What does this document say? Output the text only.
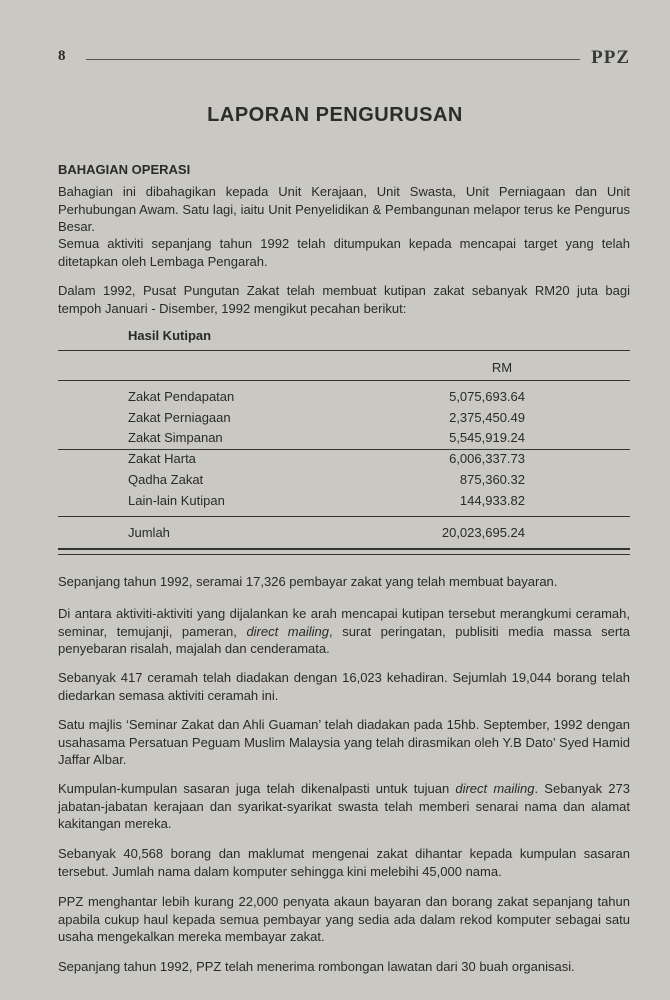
8	PPZ
LAPORAN PENGURUSAN
BAHAGIAN OPERASI

Bahagian ini dibahagikan kepada Unit Kerajaan, Unit Swasta, Unit Perniagaan dan Unit Perhubungan Awam. Satu lagi, iaitu Unit Penyelidikan & Pembangunan melapor terus ke Pengurus Besar.

Semua aktiviti sepanjang tahun 1992 telah ditumpukan kepada mencapai target yang telah ditetapkan oleh Lembaga Pengarah.

Dalam 1992, Pusat Pungutan Zakat telah membuat kutipan zakat sebanyak RM20 juta bagi tempoh Januari - Disember, 1992 mengikut pecahan berikut:

Hasil Kutipan
RM
Zakat Pendapatan	5,075,693.64
Zakat Perniagaan	2,375,450.49
Zakat Simpanan	5,545,919.24
Zakat Harta	6,006,337.73
Qadha Zakat	875,360.32
Lain-lain Kutipan	144,933.82
Jumlah	20,023,695.24

Sepanjang tahun 1992, seramai 17,326 pembayar zakat yang telah membuat bayaran.

Di antara aktiviti-aktiviti yang dijalankan ke arah mencapai kutipan tersebut merangkumi ceramah, seminar, temujanji, pameran, direct mailing, surat peringatan, publisiti media massa serta penyebaran risalah, majalah dan cenderamata.

Sebanyak 417 ceramah telah diadakan dengan 16,023 kehadiran. Sejumlah 19,044 borang telah diedarkan semasa aktiviti ceramah ini.

Satu majlis ‘Seminar Zakat dan Ahli Guaman’ telah diadakan pada 15hb. September, 1992 dengan usahasama Persatuan Peguam Muslim Malaysia yang telah dirasmikan oleh Y.B Dato’ Syed Hamid Jaffar Albar.

Kumpulan-kumpulan sasaran juga telah dikenalpasti untuk tujuan direct mailing. Sebanyak 273 jabatan-jabatan kerajaan dan syarikat-syarikat swasta telah memberi senarai nama dan alamat kakitangan mereka.

Sebanyak 40,568 borang dan maklumat mengenai zakat dihantar kepada kumpulan sasaran tersebut. Jumlah nama dalam komputer sehingga kini melebihi 45,000 nama.

PPZ menghantar lebih kurang 22,000 penyata akaun bayaran dan borang zakat sepanjang tahun apabila cukup haul kepada semua pembayar yang sedia ada dalam rekod komputer sebagai satu usaha mengekalkan mereka membayar zakat.

Sepanjang tahun 1992, PPZ telah menerima rombongan lawatan dari 30 buah organisasi.
